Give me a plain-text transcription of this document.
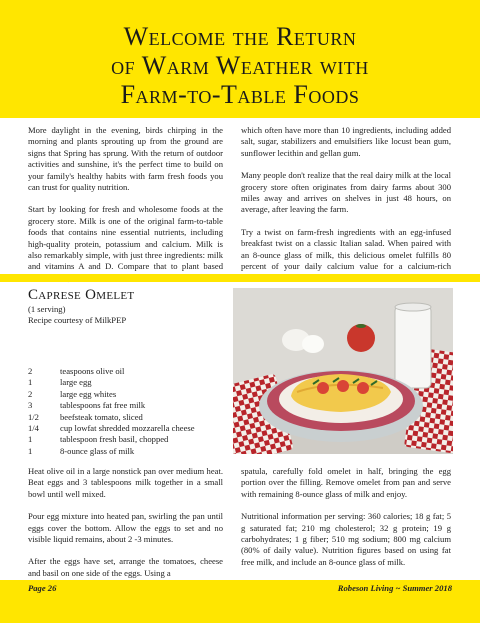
Welcome the Return
of Warm Weather with
Farm-to-Table Foods

More daylight in the evening, birds chirping in the morning and plants sprouting up from the ground are signs that Spring has sprung. With the return of outdoor activities and sunshine, it's the perfect time to build on your family's healthy habits with farm fresh foods you can trust for quality nutrition.

Start by looking for fresh and wholesome foods at the grocery store. Milk is one of the original farm-to-table foods that contains nine essential nutrients, including high-quality protein, potassium and calcium. Milk is also remarkably simple, with just three ingredients: milk and vitamins A and D. Compare that to plant based

which often have more than 10 ingredients, including added salt, sugar, stabilizers and emulsifiers like locust bean gum, sunflower lecithin and gellan gum.

Many people don't realize that the real dairy milk at the local grocery store often originates from dairy farms about 300 miles away and arrives on shelves in just 48 hours, on average, after leaving the farm.

Try a twist on farm-fresh ingredients with an egg-infused breakfast twist on a classic Italian salad. When paired with an 8-ounce glass of milk, this delicious omelet fulfills 80 percent of your daily calcium value for a calcium-rich

Caprese Omelet
(1 serving)
Recipe courtesy of MilkPEP
2	teaspoons olive oil
1	large egg
2	large egg whites
3	tablespoons fat free milk
1/2	beefsteak tomato, sliced
1/4	cup lowfat shredded mozzarella cheese
1	tablespoon fresh basil, chopped
1	8-ounce glass of milk

Heat olive oil in a large nonstick pan over medium heat. Beat eggs and 3 tablespoons milk together in a small bowl until well mixed.

Pour egg mixture into heated pan, swirling the pan until eggs cover the bottom. Allow the eggs to set and no visible liquid remains, about 2 -3 minutes.

After the eggs have set, arrange the tomatoes, cheese and basil on one side of the eggs. Using a

spatula, carefully fold omelet in half, bringing the egg portion over the filling. Remove omelet from pan and serve with remaining 8-ounce glass of milk and enjoy.

Nutritional information per serving: 360 calories; 18 g fat; 5 g saturated fat; 210 mg cholesterol; 32 g protein; 19 g carbohydrates; 1 g fiber; 510 mg sodium; 800 mg calcium (80% of daily value). Nutrition figures based on using fat free milk, and include an 8-ounce glass of milk.

Page 26	Robeson Living ~ Summer 2018
